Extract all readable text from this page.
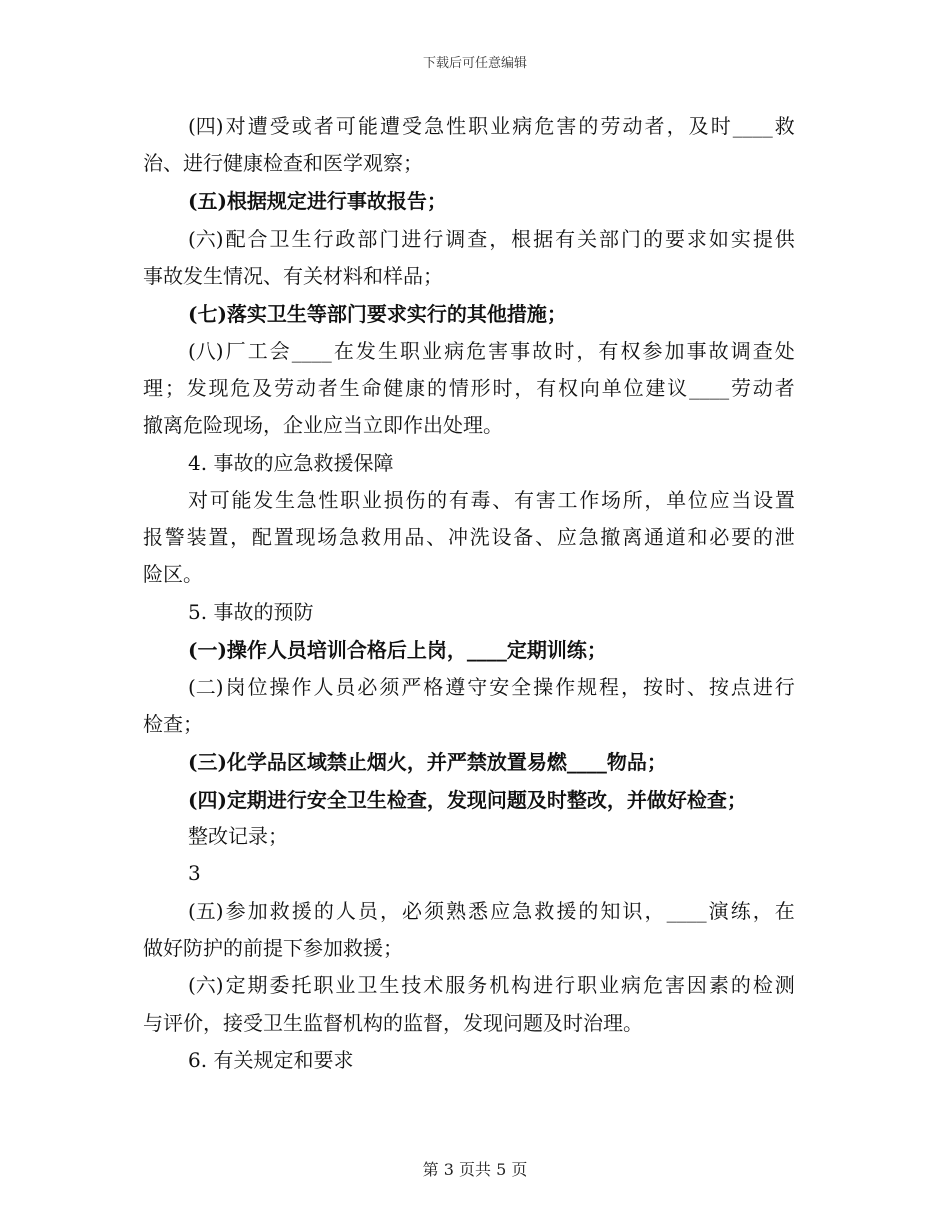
下载后可任意编辑
(四) 对 遭 受 或 者 可 能 遭 受 急 性 职 业 病 危 害 的 劳 动 者 ， 及 时 ____ 救
治、进行健康检查和医学观察；
(五)根据规定进行事故报告；
(六) 配 合 卫 生 行 政 部 门 进 行 调 查 ， 根 据 有 关 部 门 的 要 求 如 实 提 供
事故发生情况、有关材料和样品；
(七)落实卫生等部门要求实行的其他措施；
(八) 厂 工 会 ____ 在 发 生 职 业 病 危 害 事 故 时 ， 有 权 参 加 事 故 调 查 处
理 ； 发 现 危 及 劳 动 者 生 命 健 康 的 情 形 时 ， 有 权 向 单 位 建 议 ____ 劳 动 者
撤离危险现场，企业应当立即作出处理。
4. 事故的应急救援保障
对 可 能 发 生 急 性 职 业 损 伤 的 有 毒 、 有 害 工 作 场 所 ， 单 位 应 当 设 置
报 警 装 置 ， 配 置 现 场 急 救 用 品 、 冲 洗 设 备 、 应 急 撤 离 通 道 和 必 要 的 泄
险区。
5. 事故的预防
(一)操作人员培训合格后上岗，____定期训练；
(二) 岗 位 操 作 人 员 必 须 严 格 遵 守 安 全 操 作 规 程 ， 按 时 、 按 点 进 行
检查；
(三)化学品区域禁止烟火，并严禁放置易燃____物品；
(四)定期进行安全卫生检查，发现问题及时整改，并做好检查；
整改记录；
3
(五) 参 加 救 援 的 人 员 ， 必 须 熟 悉 应 急 救 援 的 知 识 ， ____ 演 练 ， 在
做好防护的前提下参加救援；
(六) 定 期 委 托 职 业 卫 生 技 术 服 务 机 构 进 行 职 业 病 危 害 因 素 的 检 测
与评价，接受卫生监督机构的监督，发现问题及时治理。
6. 有关规定和要求
第 3 页共 5 页
